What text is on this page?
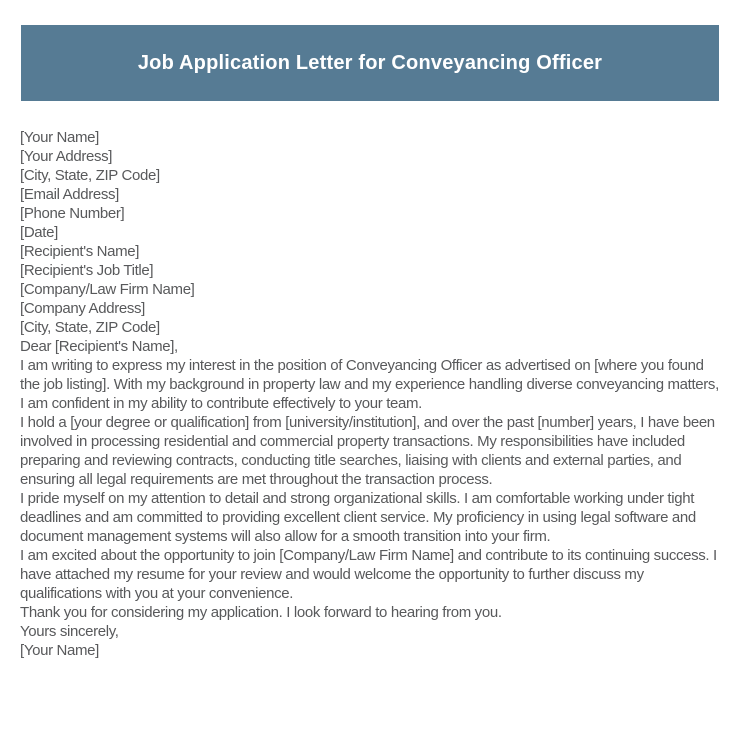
Job Application Letter for Conveyancing Officer
[Your Name]
[Your Address]
[City, State, ZIP Code]
[Email Address]
[Phone Number]
[Date]
[Recipient's Name]
[Recipient's Job Title]
[Company/Law Firm Name]
[Company Address]
[City, State, ZIP Code]
Dear [Recipient's Name],

I am writing to express my interest in the position of Conveyancing Officer as advertised on [where you found the job listing]. With my background in property law and my experience handling diverse conveyancing matters, I am confident in my ability to contribute effectively to your team.

I hold a [your degree or qualification] from [university/institution], and over the past [number] years, I have been involved in processing residential and commercial property transactions. My responsibilities have included preparing and reviewing contracts, conducting title searches, liaising with clients and external parties, and ensuring all legal requirements are met throughout the transaction process.

I pride myself on my attention to detail and strong organizational skills. I am comfortable working under tight deadlines and am committed to providing excellent client service. My proficiency in using legal software and document management systems will also allow for a smooth transition into your firm.

I am excited about the opportunity to join [Company/Law Firm Name] and contribute to its continuing success. I have attached my resume for your review and would welcome the opportunity to further discuss my qualifications with you at your convenience.

Thank you for considering my application. I look forward to hearing from you.

Yours sincerely,
[Your Name]
